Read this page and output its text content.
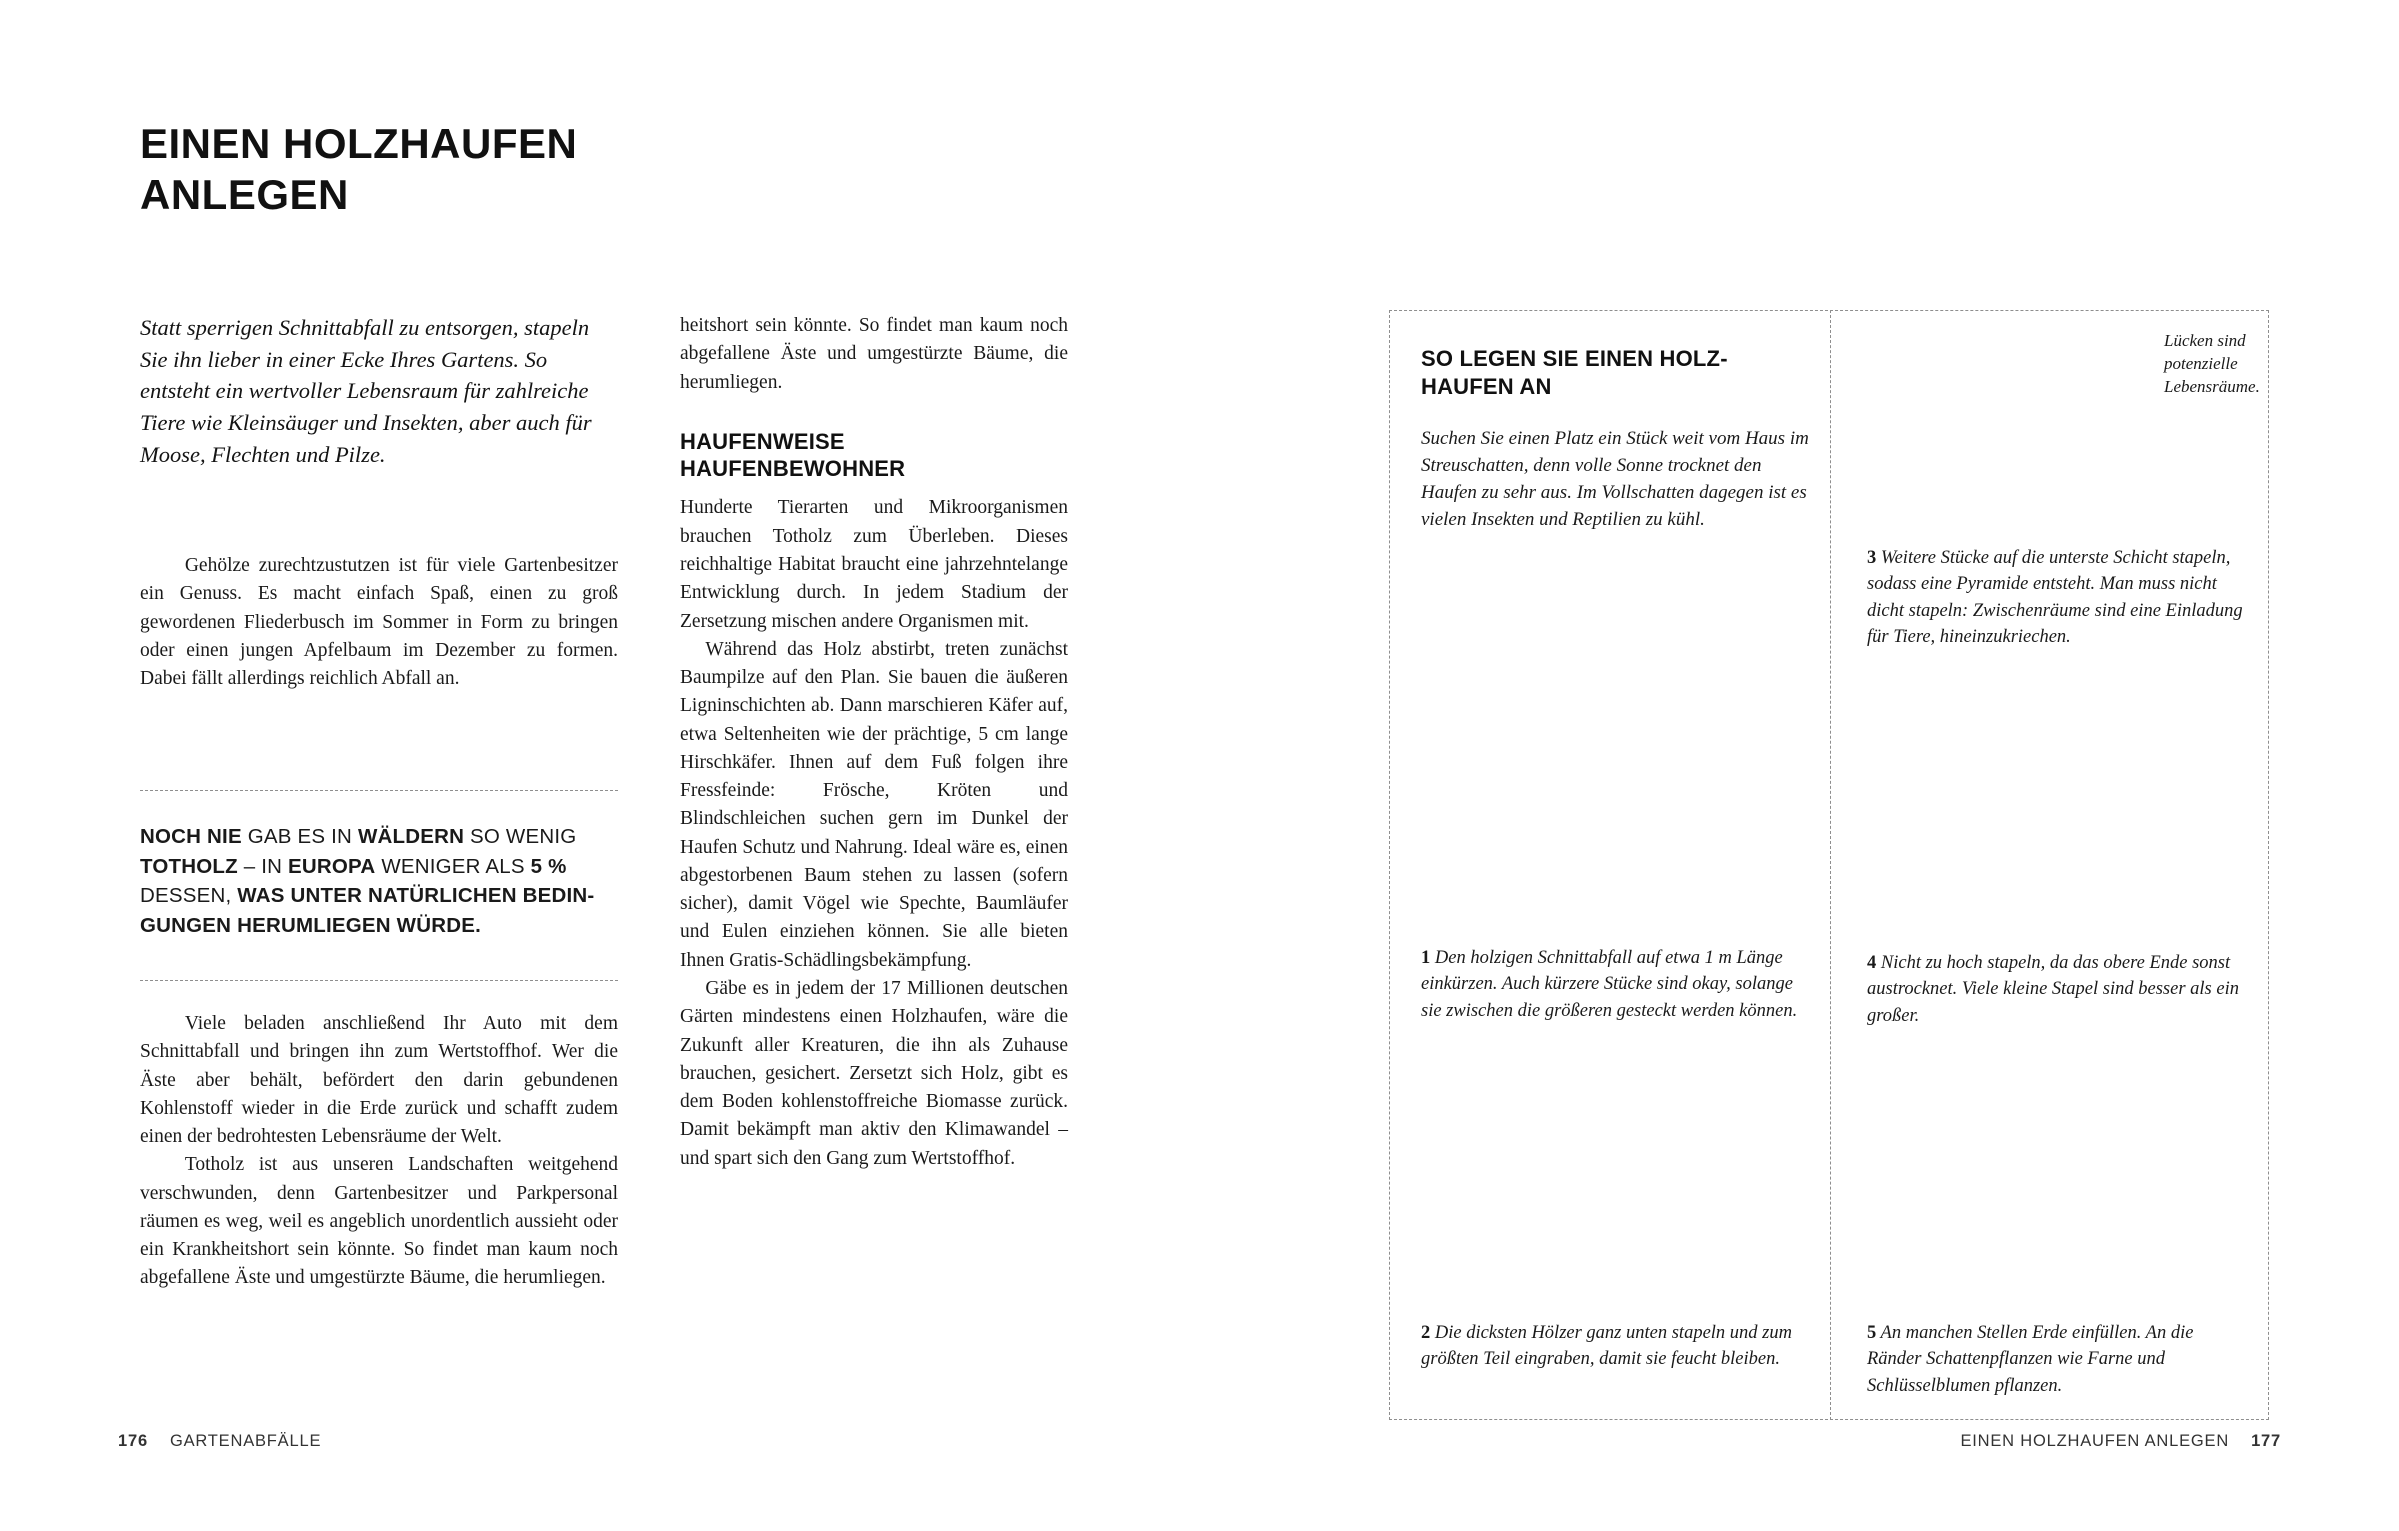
EINEN HOLZHAUFEN ANLEGEN
Statt sperrigen Schnittabfall zu entsorgen, stapeln Sie ihn lieber in einer Ecke Ihres Gartens. So entsteht ein wertvoller Lebensraum für zahlreiche Tiere wie Kleinsäuger und Insekten, aber auch für Moose, Flechten und Pilze.

Gehölze zurechtzustutzen ist für viele Gartenbesitzer ein Genuss. Es macht einfach Spaß, einen zu groß gewordenen Fliederbusch im Sommer in Form zu bringen oder einen jungen Apfelbaum im Dezember zu formen. Dabei fällt allerdings reichlich Abfall an.

NOCH NIE GAB ES IN WÄLDERN SO WENIG
TOTHOLZ – IN EUROPA WENIGER ALS 5 %
DESSEN, WAS UNTER NATÜRLICHEN BEDIN-
GUNGEN HERUMLIEGEN WÜRDE.

Viele beladen anschließend Ihr Auto mit dem Schnittabfall und bringen ihn zum Wertstoffhof. Wer die Äste aber behält, befördert den darin gebundenen Kohlenstoff wieder in die Erde zurück und schafft zudem einen der bedrohtesten Lebensräume der Welt.

Totholz ist aus unseren Landschaften weitgehend verschwunden, denn Gartenbesitzer und Parkpersonal räumen es weg, weil es angeblich unordentlich aussieht oder ein Krankheitshort sein könnte. So findet man kaum noch abgefallene Äste und umgestürzte Bäume, die herumliegen.

heitshort sein könnte. So findet man kaum noch abgefallene Äste und umgestürzte Bäume, die herumliegen.

HAUFENWEISE
HAUFENBEWOHNER

Hunderte Tierarten und Mikroorganismen brauchen Totholz zum Überleben. Dieses reichhaltige Habitat braucht eine jahrzehntelange Entwicklung durch. In jedem Stadium der Zersetzung mischen andere Organismen mit.

Während das Holz abstirbt, treten zunächst Baumpilze auf den Plan. Sie bauen die äußeren Ligninschichten ab. Dann marschieren Käfer auf, etwa Seltenheiten wie der prächtige, 5 cm lange Hirschkäfer. Ihnen auf dem Fuß folgen ihre Fressfeinde: Frösche, Kröten und Blindschleichen suchen gern im Dunkel der Haufen Schutz und Nahrung. Ideal wäre es, einen abgestorbenen Baum stehen zu lassen (sofern sicher), damit Vögel wie Spechte, Baumläufer und Eulen einziehen können. Sie alle bieten Ihnen Gratis-Schädlingsbekämpfung.

Gäbe es in jedem der 17 Millionen deutschen Gärten mindestens einen Holzhaufen, wäre die Zukunft aller Kreaturen, die ihn als Zuhause brauchen, gesichert. Zersetzt sich Holz, gibt es dem Boden kohlenstoffreiche Biomasse zurück. Damit bekämpft man aktiv den Klimawandel – und spart sich den Gang zum Wertstoffhof.

176 GARTENABFÄLLE
SO LEGEN SIE EINEN HOLZ-
HAUFEN AN
Suchen Sie einen Platz ein Stück weit vom Haus im Streuschatten, denn volle Sonne trocknet den Haufen zu sehr aus. Im Vollschatten dagegen ist es vielen Insekten und Reptilien zu kühl.
Lücken sind potenzielle Lebensräume.
1 Den holzigen Schnittabfall auf etwa 1 m Länge einkürzen. Auch kürzere Stücke sind okay, solange sie zwischen die größeren gesteckt werden können.
2 Die dicksten Hölzer ganz unten stapeln und zum größten Teil eingraben, damit sie feucht bleiben.
3 Weitere Stücke auf die unterste Schicht stapeln, sodass eine Pyramide entsteht. Man muss nicht dicht stapeln: Zwischenräume sind eine Einladung für Tiere, hineinzukriechen.
4 Nicht zu hoch stapeln, da das obere Ende sonst austrocknet. Viele kleine Stapel sind besser als ein großer.
5 An manchen Stellen Erde einfüllen. An die Ränder Schattenpflanzen wie Farne und Schlüsselblumen pflanzen.
EINEN HOLZHAUFEN ANLEGEN 177
